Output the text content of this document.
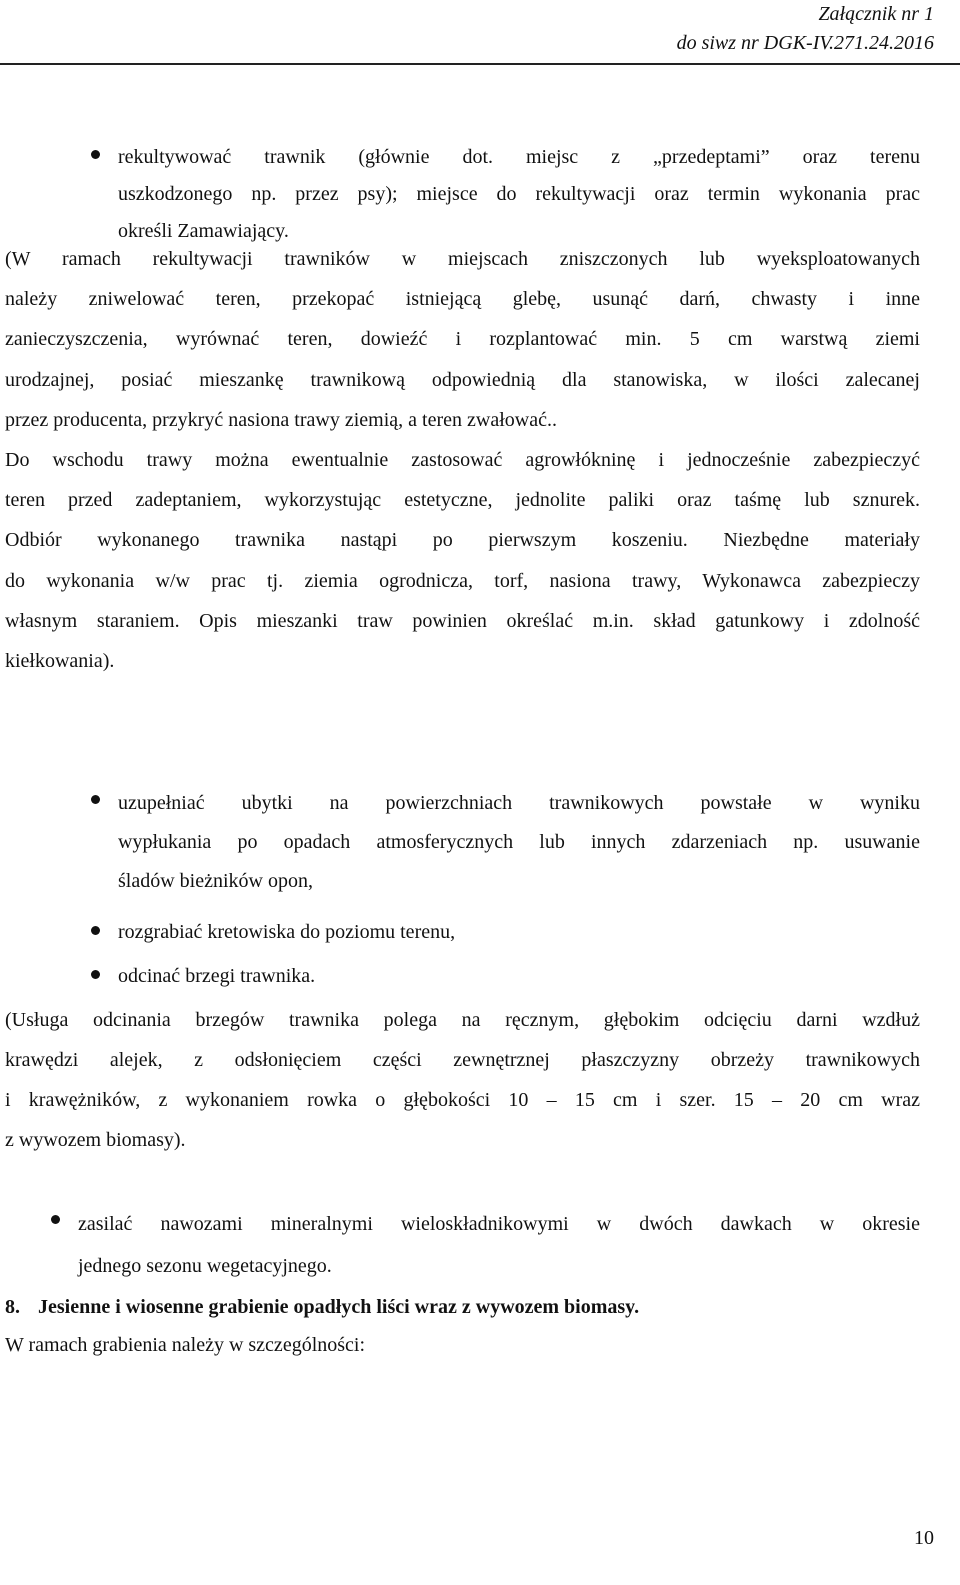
Załącznik nr 1
do siwz nr DGK-IV.271.24.2016
rekultywować trawnik (głównie dot. miejsc z „przedeptami” oraz terenu
uszkodzonego np. przez psy); miejsce do rekultywacji oraz termin wykonania prac
określi Zamawiający.
(W ramach rekultywacji trawników w miejscach zniszczonych lub wyeksploatowanych
należy zniwelować teren, przekopać istniejącą glebę, usunąć darń, chwasty i inne
zanieczyszczenia, wyrównać teren, dowieźć i rozplantować min. 5 cm warstwą ziemi
urodzajnej, posiać mieszankę trawnikową odpowiednią dla stanowiska, w ilości zalecanej
przez producenta, przykryć nasiona trawy ziemią, a teren zwałować..
Do wschodu trawy można ewentualnie zastosować agrowłókninę i jednocześnie zabezpieczyć
teren przed zadeptaniem, wykorzystując estetyczne, jednolite paliki oraz taśmę lub sznurek.
Odbiór wykonanego trawnika nastąpi po pierwszym koszeniu. Niezbędne materiały
do wykonania w/w prac tj. ziemia ogrodnicza, torf, nasiona trawy, Wykonawca zabezpieczy
własnym staraniem. Opis mieszanki traw powinien określać m.in. skład gatunkowy i zdolność
kiełkowania).
uzupełniać ubytki na powierzchniach trawnikowych powstałe w wyniku
wypłukania po opadach atmosferycznych lub innych zdarzeniach np. usuwanie
śladów bieżników opon,
rozgrabiać kretowiska do poziomu terenu,
odcinać brzegi trawnika.
(Usługa odcinania brzegów trawnika polega na ręcznym, głębokim odcięciu darni wzdłuż
krawędzi alejek, z odsłonięciem części zewnętrznej płaszczyzny obrzeży trawnikowych
i krawężników, z wykonaniem rowka o głębokości 10 – 15 cm i szer. 15 – 20 cm wraz
z wywozem biomasy).
zasilać nawozami mineralnymi wieloskładnikowymi w dwóch dawkach w okresie
jednego sezonu wegetacyjnego.
8. Jesienne i wiosenne grabienie opadłych liści wraz z wywozem biomasy.
W ramach grabienia należy w szczególności:
10
